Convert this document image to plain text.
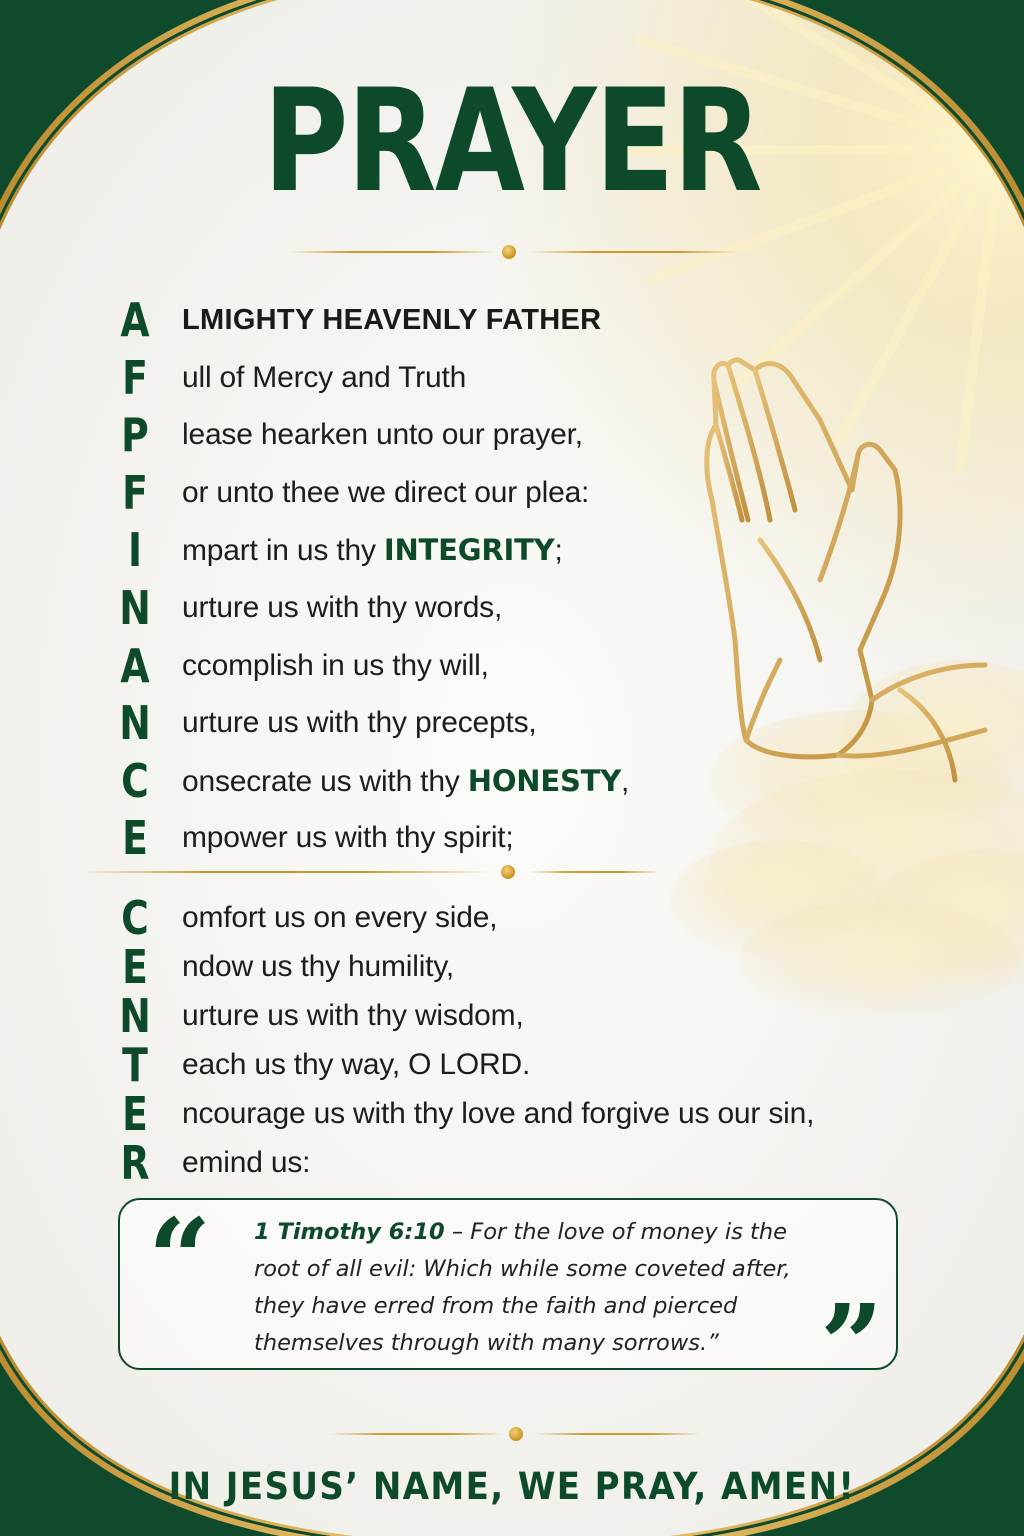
PRAYER
A	LMIGHTY HEAVENLY FATHER
F	ull of Mercy and Truth
P	lease hearken unto our prayer,
F	or unto thee we direct our plea:
I	mpart in us thy INTEGRITY;
N	urture us with thy words,
A	ccomplish in us thy will,
N	urture us with thy precepts,
C	onsecrate us with thy HONESTY,
E	mpower us with thy spirit;
C	omfort us on every side,
E	ndow us thy humility,
N	urture us with thy wisdom,
T	each us thy way, O LORD.
E	ncourage us with thy love and forgive us our sin,
R	emind us:
“ 1 Timothy 6:10 – For the love of money is the root of all evil: Which while some coveted after, they have erred from the faith and pierced themselves through with many sorrows.” ”
IN JESUS’ NAME, WE PRAY, AMEN!
